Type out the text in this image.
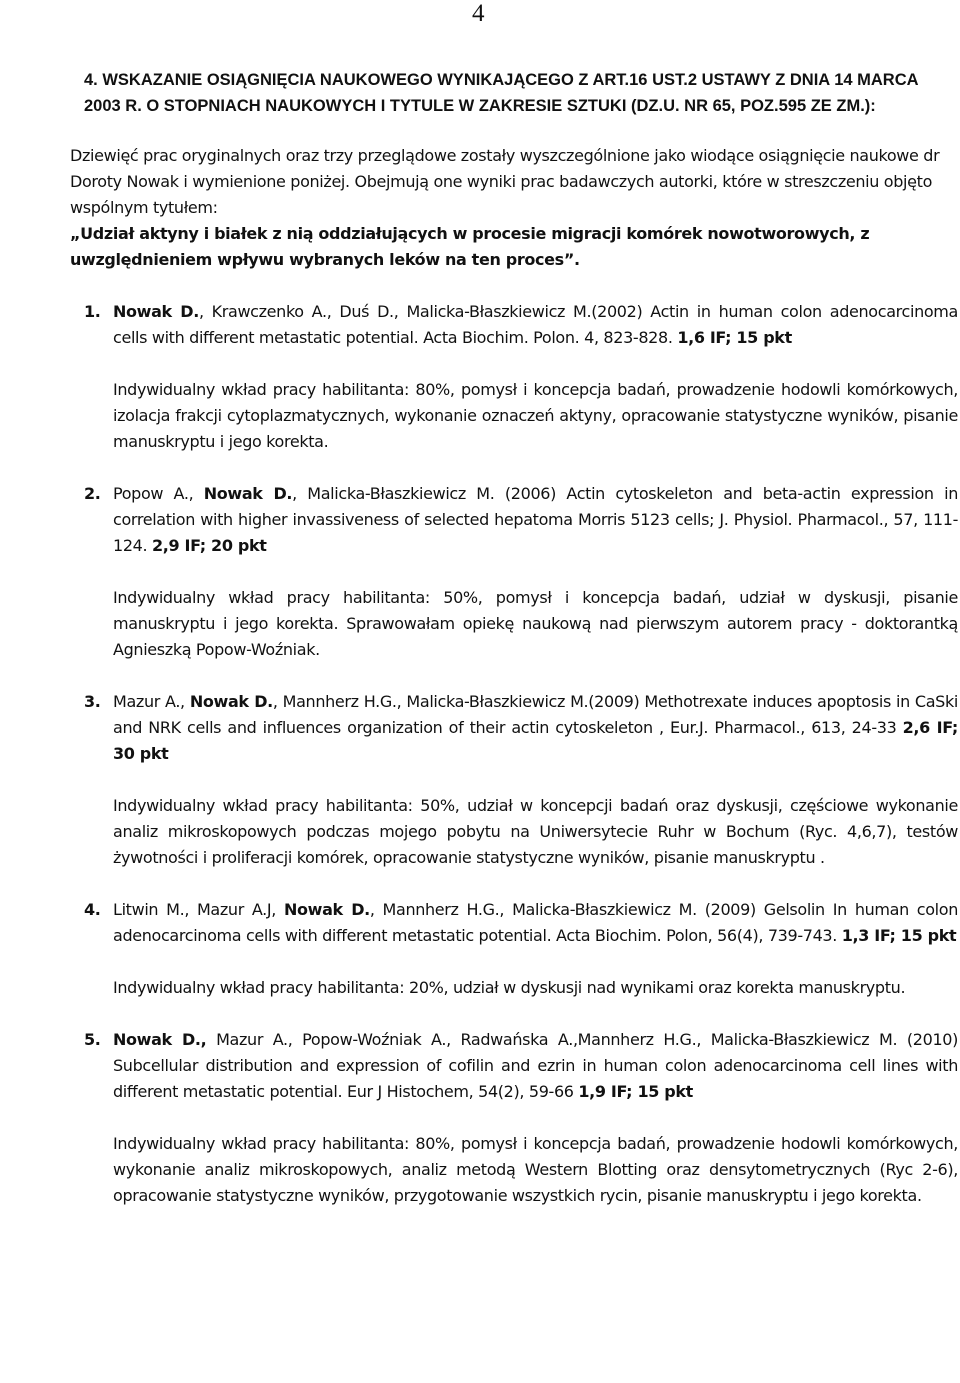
4
4. WSKAZANIE OSIĄGNIĘCIA NAUKOWEGO WYNIKAJĄCEGO Z ART.16 UST.2 USTAWY Z DNIA 14 MARCA 2003 R. O STOPNIACH NAUKOWYCH I TYTULE W ZAKRESIE SZTUKI (DZ.U. NR 65, POZ.595 ZE ZM.):
Dziewięć prac oryginalnych oraz trzy przeglądowe zostały wyszczególnione jako wiodące osiągnięcie naukowe dr Doroty Nowak i wymienione poniżej. Obejmują one wyniki prac badawczych autorki, które w streszczeniu objęto wspólnym tytułem:
„Udział aktyny i białek z nią oddziałujących w procesie migracji komórek nowotworowych, z uwzględnieniem wpływu wybranych leków na ten proces”.
1. Nowak D., Krawczenko A., Duś D., Malicka-Błaszkiewicz M.(2002) Actin in human colon adenocarcinoma cells with different metastatic potential. Acta Biochim. Polon. 4, 823-828. 1,6 IF; 15 pkt

Indywidualny wkład pracy habilitanta: 80%, pomysł i koncepcja badań, prowadzenie hodowli komórkowych, izolacja frakcji cytoplazmatycznych, wykonanie oznaczeń aktyny, opracowanie statystyczne wyników, pisanie manuskryptu i jego korekta.

2. Popow A., Nowak D., Malicka-Błaszkiewicz M. (2006) Actin cytoskeleton and beta-actin expression in correlation with higher invassiveness of selected hepatoma Morris 5123 cells; J. Physiol. Pharmacol., 57, 111-124. 2,9 IF; 20 pkt

Indywidualny wkład pracy habilitanta: 50%, pomysł i koncepcja badań, udział w dyskusji, pisanie manuskryptu i jego korekta. Sprawowałam opiekę naukową nad pierwszym autorem pracy - doktorantką Agnieszką Popow-Woźniak.

3. Mazur A., Nowak D., Mannherz H.G., Malicka-Błaszkiewicz M.(2009) Methotrexate induces apoptosis in CaSki and NRK cells and influences organization of their actin cytoskeleton , Eur.J. Pharmacol., 613, 24-33 2,6 IF; 30 pkt

Indywidualny wkład pracy habilitanta: 50%, udział w koncepcji badań oraz dyskusji, częściowe wykonanie analiz mikroskopowych podczas mojego pobytu na Uniwersytecie Ruhr w Bochum (Ryc. 4,6,7), testów żywotności i proliferacji komórek, opracowanie statystyczne wyników, pisanie manuskryptu .

4. Litwin M., Mazur A.J, Nowak D., Mannherz H.G., Malicka-Błaszkiewicz M. (2009) Gelsolin In human colon adenocarcinoma cells with different metastatic potential. Acta Biochim. Polon, 56(4), 739-743. 1,3 IF; 15 pkt

Indywidualny wkład pracy habilitanta: 20%, udział w dyskusji nad wynikami oraz korekta manuskryptu.

5. Nowak D., Mazur A., Popow-Woźniak A., Radwańska A.,Mannherz H.G., Malicka-Błaszkiewicz M. (2010) Subcellular distribution and expression of cofilin and ezrin in human colon adenocarcinoma cell lines with different metastatic potential. Eur J Histochem, 54(2), 59-66 1,9 IF; 15 pkt

Indywidualny wkład pracy habilitanta: 80%, pomysł i koncepcja badań, prowadzenie hodowli komórkowych, wykonanie analiz mikroskopowych, analiz metodą Western Blotting oraz densytometrycznych (Ryc 2-6), opracowanie statystyczne wyników, przygotowanie wszystkich rycin, pisanie manuskryptu i jego korekta.
